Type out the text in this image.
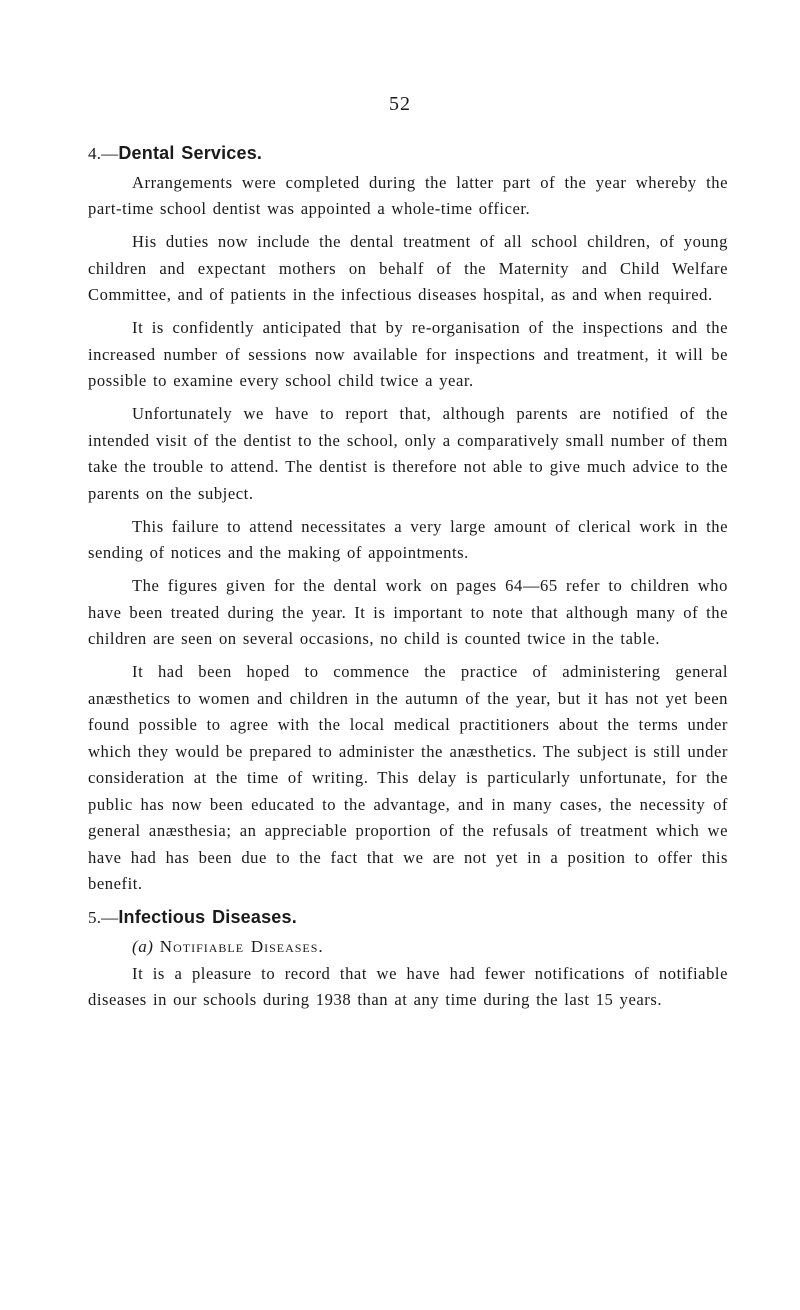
52
4.—Dental Services.

Arrangements were completed during the latter part of the year whereby the part-time school dentist was appointed a whole-time officer.

His duties now include the dental treatment of all school children, of young children and expectant mothers on behalf of the Maternity and Child Welfare Committee, and of patients in the infectious diseases hospital, as and when required.

It is confidently anticipated that by re-organisation of the inspections and the increased number of sessions now available for inspections and treatment, it will be possible to examine every school child twice a year.

Unfortunately we have to report that, although parents are notified of the intended visit of the dentist to the school, only a comparatively small number of them take the trouble to attend. The dentist is therefore not able to give much advice to the parents on the subject.

This failure to attend necessitates a very large amount of clerical work in the sending of notices and the making of appointments.

The figures given for the dental work on pages 64—65 refer to children who have been treated during the year. It is important to note that although many of the children are seen on several occasions, no child is counted twice in the table.

It had been hoped to commence the practice of administering general anæsthetics to women and children in the autumn of the year, but it has not yet been found possible to agree with the local medical practitioners about the terms under which they would be prepared to administer the anæsthetics. The subject is still under consideration at the time of writing. This delay is particularly unfortunate, for the public has now been educated to the advantage, and in many cases, the necessity of general anæsthesia; an appreciable proportion of the refusals of treatment which we have had has been due to the fact that we are not yet in a position to offer this benefit.

5.—Infectious Diseases.
(a) Notifiable Diseases.

It is a pleasure to record that we have had fewer notifications of notifiable diseases in our schools during 1938 than at any time during the last 15 years.
